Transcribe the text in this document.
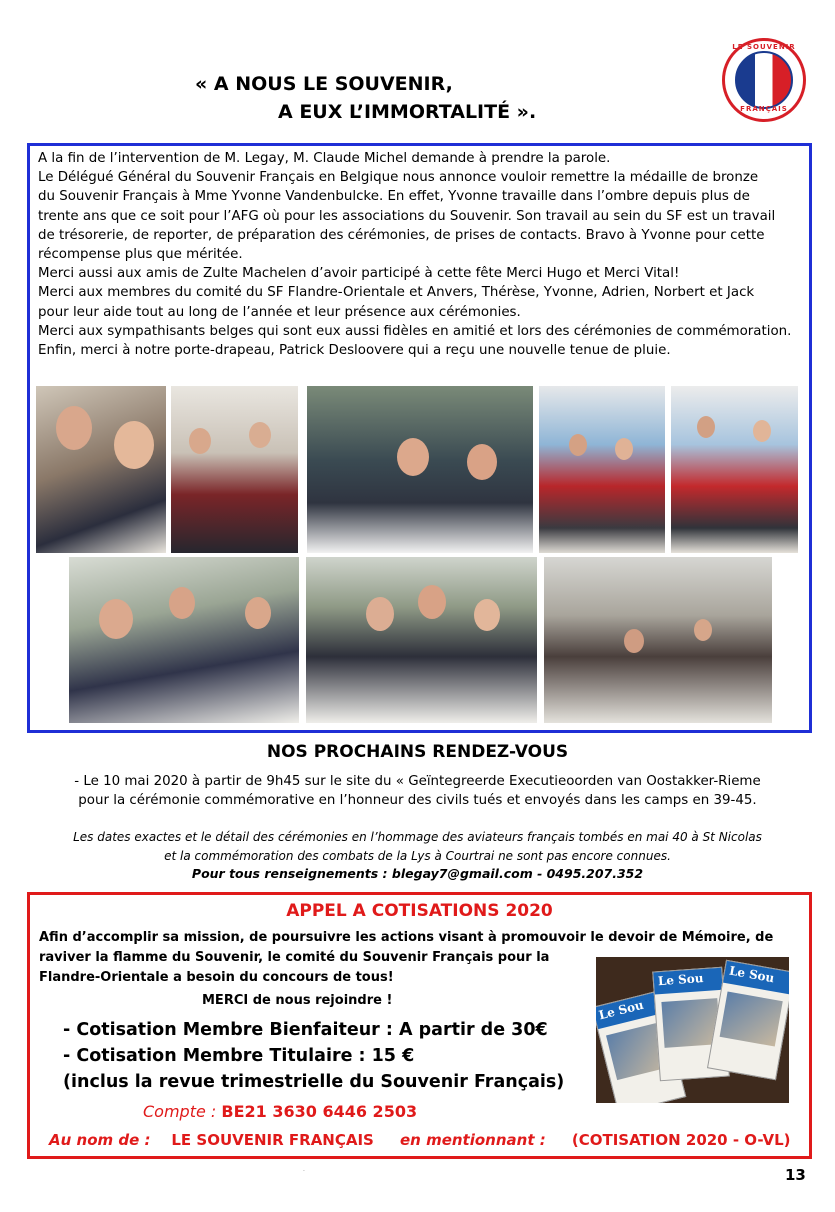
« A NOUS LE SOUVENIR,
A EUX L’IMMORTALITÉ ».
LE SOUVENIR
FRANÇAIS

A la fin de l’intervention de M. Legay, M. Claude Michel demande à prendre la parole.

Le Délégué Général du Souvenir Français en Belgique nous annonce vouloir remettre la médaille de bronze

du Souvenir Français à Mme Yvonne Vandenbulcke. En effet, Yvonne travaille dans l’ombre depuis plus de

trente ans que ce soit pour l’AFG où pour les associations du Souvenir. Son travail au sein du SF est un travail

de trésorerie, de reporter, de préparation des cérémonies, de prises de contacts. Bravo à Yvonne pour cette

récompense plus que méritée.

Merci aussi aux amis de Zulte Machelen d’avoir participé à cette fête Merci Hugo et Merci Vital!

Merci aux membres du comité du SF Flandre-Orientale et Anvers, Thérèse, Yvonne, Adrien, Norbert et Jack

pour leur aide tout au long de l’année et leur présence aux cérémonies.

Merci aux sympathisants belges qui sont eux aussi fidèles en amitié et lors des cérémonies de commémoration.

Enfin, merci à notre porte-drapeau, Patrick Desloovere qui a reçu une nouvelle tenue de pluie.

NOS PROCHAINS RENDEZ-VOUS
- Le 10 mai 2020 à partir de 9h45 sur le site du « Geïntegreerde Executieoorden van Oostakker-Rieme
pour la cérémonie commémorative en l’honneur des civils tués et envoyés dans les camps en 39-45.
Les dates exactes et le détail des cérémonies en l’hommage des aviateurs français tombés en mai 40 à St Nicolas
et la commémoration des combats de la Lys à Courtrai ne sont pas encore connues.
Pour tous renseignements : blegay7@gmail.com - 0495.207.352
APPEL A COTISATIONS 2020
Afin d’accomplir sa mission, de poursuivre les actions visant à promouvoir le devoir de Mémoire, de
raviver la flamme du Souvenir, le comité du Souvenir Français pour la
Flandre-Orientale a besoin du concours de tous!
MERCI de nous rejoindre !
- Cotisation Membre Bienfaiteur : A partir de 30€
- Cotisation Membre Titulaire : 15 €
(inclus la revue trimestrielle du Souvenir Français)
Compte : BE21 3630 6446 2503
Au nom de : LE SOUVENIR FRANÇAIS en mentionnant : (COTISATION 2020 - O-VL)
Le Sou
Le Sou	Le Sou
·	13
